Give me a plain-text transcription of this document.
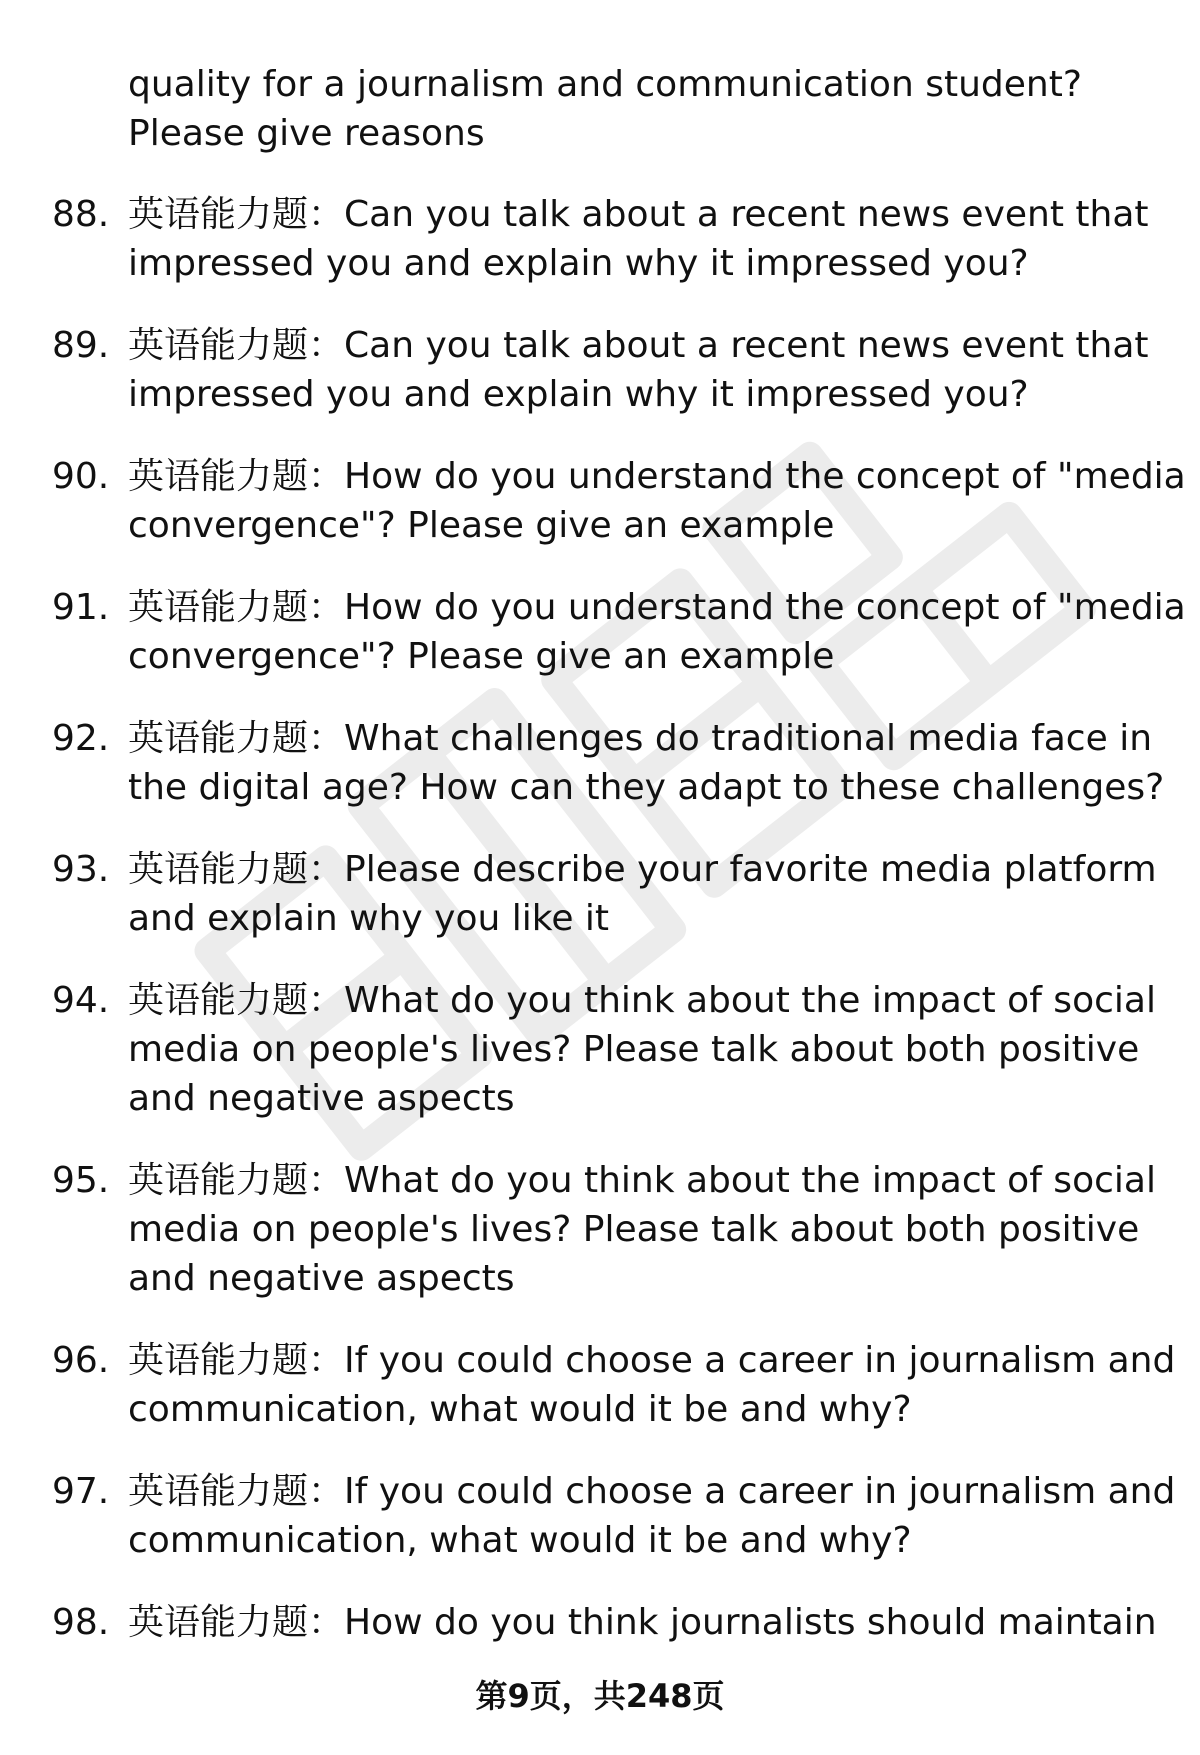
quality for a journalism and communication student?
Please give reasons
88. 英语能力题：Can you talk about a recent news event that
impressed you and explain why it impressed you?
89. 英语能力题：Can you talk about a recent news event that
impressed you and explain why it impressed you?
90. 英语能力题：How do you understand the concept of "media
convergence"? Please give an example
91. 英语能力题：How do you understand the concept of "media
convergence"? Please give an example
92. 英语能力题：What challenges do traditional media face in
the digital age? How can they adapt to these challenges?
93. 英语能力题：Please describe your favorite media platform
and explain why you like it
94. 英语能力题：What do you think about the impact of social
media on people's lives? Please talk about both positive
and negative aspects
95. 英语能力题：What do you think about the impact of social
media on people's lives? Please talk about both positive
and negative aspects
96. 英语能力题：If you could choose a career in journalism and
communication, what would it be and why?
97. 英语能力题：If you could choose a career in journalism and
communication, what would it be and why?
98. 英语能力题：How do you think journalists should maintain
第9页，共248页
